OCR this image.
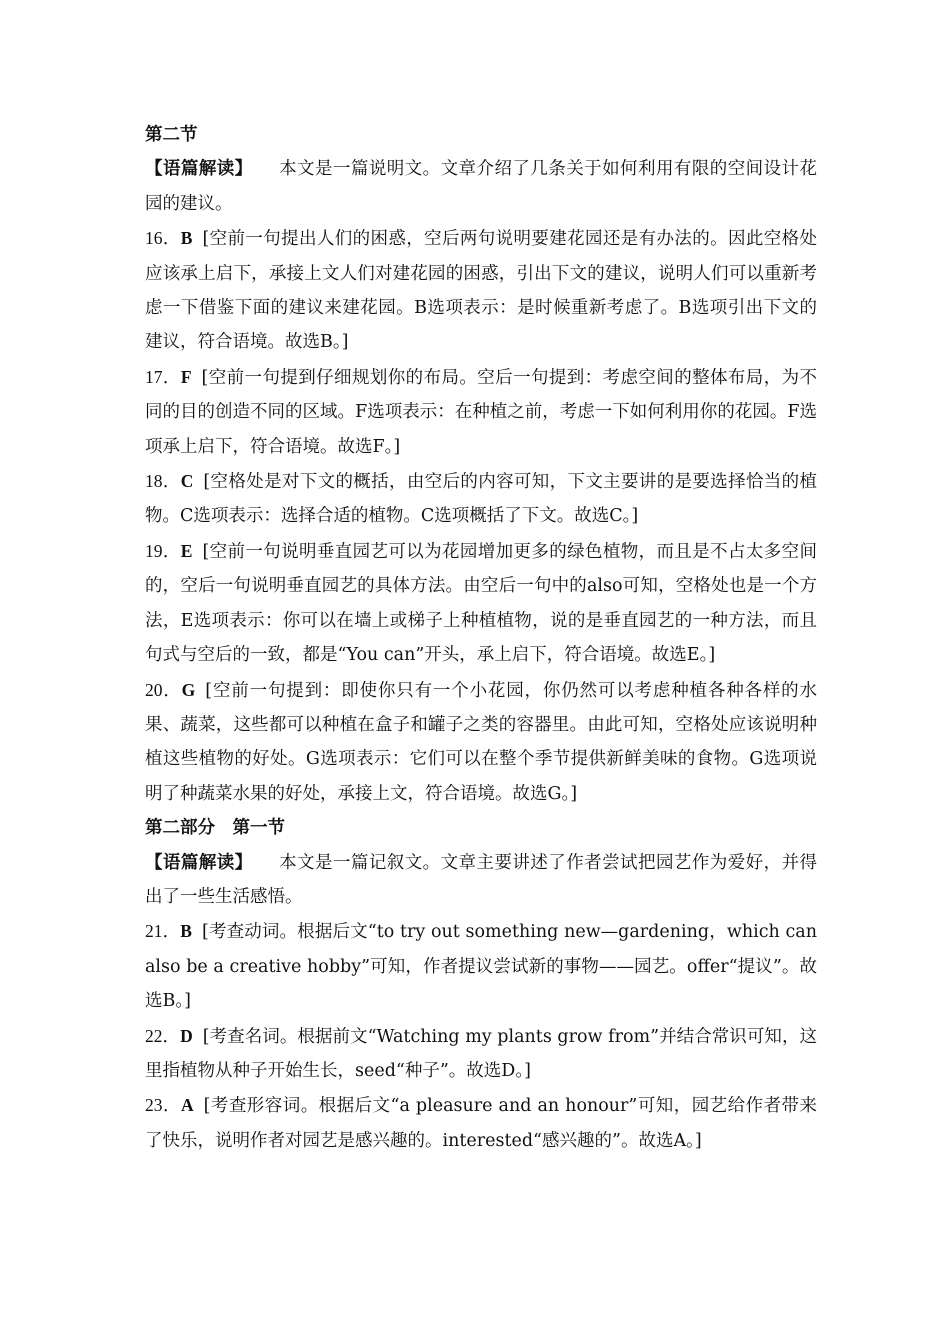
第二节

【语篇解读】 本文是一篇说明文。文章介绍了几条关于如何利用有限的空间设计花园的建议。

16．B [空前一句提出人们的困惑，空后两句说明要建花园还是有办法的。因此空格处应该承上启下，承接上文人们对建花园的困惑，引出下文的建议，说明人们可以重新考虑一下借鉴下面的建议来建花园。B选项表示：是时候重新考虑了。B选项引出下文的建议，符合语境。故选B。]

17．F [空前一句提到仔细规划你的布局。空后一句提到：考虑空间的整体布局，为不同的目的创造不同的区域。F选项表示：在种植之前，考虑一下如何利用你的花园。F选项承上启下，符合语境。故选F。]

18．C [空格处是对下文的概括，由空后的内容可知，下文主要讲的是要选择恰当的植物。C选项表示：选择合适的植物。C选项概括了下文。故选C。]

19．E [空前一句说明垂直园艺可以为花园增加更多的绿色植物，而且是不占太多空间的，空后一句说明垂直园艺的具体方法。由空后一句中的also可知，空格处也是一个方法，E选项表示：你可以在墙上或梯子上种植植物，说的是垂直园艺的一种方法，而且句式与空后的一致，都是“You can”开头，承上启下，符合语境。故选E。]

20．G [空前一句提到：即使你只有一个小花园，你仍然可以考虑种植各种各样的水果、蔬菜，这些都可以种植在盒子和罐子之类的容器里。由此可知，空格处应该说明种植这些植物的好处。G选项表示：它们可以在整个季节提供新鲜美味的食物。G选项说明了种蔬菜水果的好处，承接上文，符合语境。故选G。]

第二部分　第一节

【语篇解读】 本文是一篇记叙文。文章主要讲述了作者尝试把园艺作为爱好，并得出了一些生活感悟。

21．B [考查动词。根据后文“to try out something new—gardening，which can also be a creative hobby”可知，作者提议尝试新的事物——园艺。offer“提议”。故选B。]

22．D [考查名词。根据前文“Watching my plants grow from”并结合常识可知，这里指植物从种子开始生长，seed“种子”。故选D。]

23．A [考查形容词。根据后文“a pleasure and an honour”可知，园艺给作者带来了快乐，说明作者对园艺是感兴趣的。interested“感兴趣的”。故选A。]
